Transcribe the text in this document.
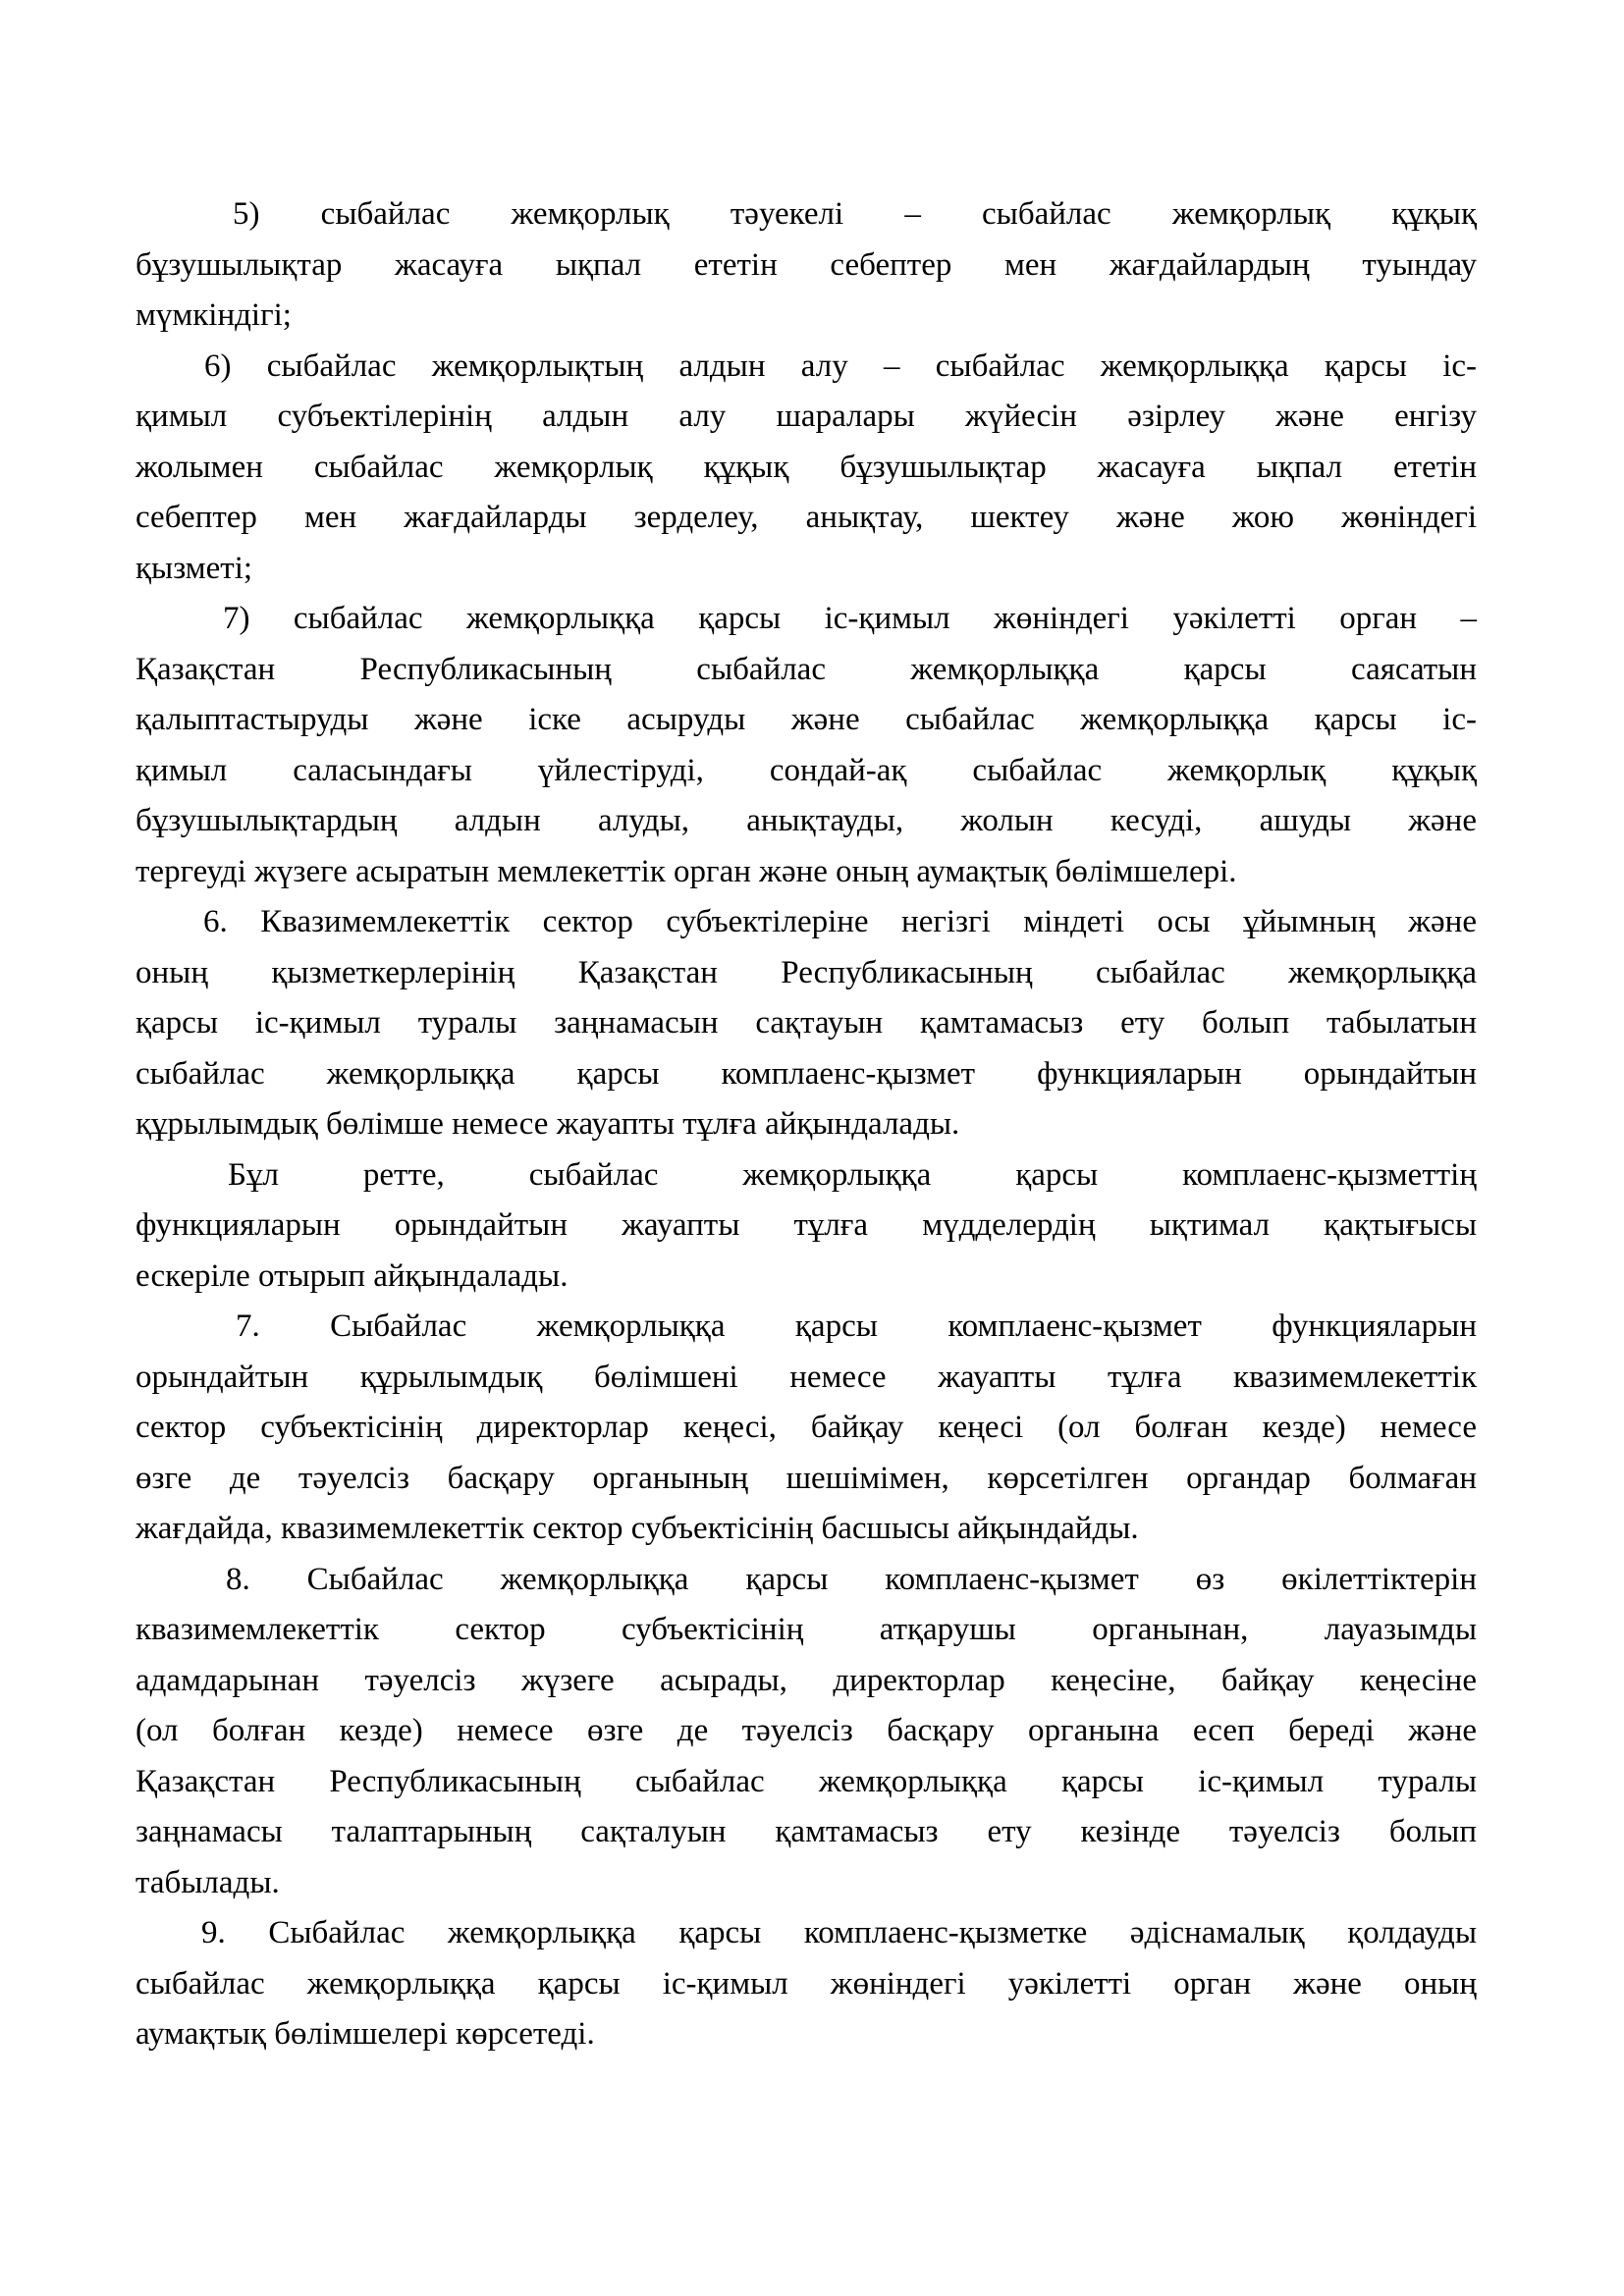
5) сыбайлас жемқорлық тәуекелі – сыбайлас жемқорлық құқық
бұзушылықтар жасауға ықпал ететін себептер мен жағдайлардың туындау
мүмкіндігі;
6) сыбайлас жемқорлықтың алдын алу – сыбайлас жемқорлыққа қарсы іс-
қимыл субъектілерінің алдын алу шаралары жүйесін әзірлеу және енгізу
жолымен сыбайлас жемқорлық құқық бұзушылықтар жасауға ықпал ететін
себептер мен жағдайларды зерделеу, анықтау, шектеу және жою жөніндегі
қызметі;
7) сыбайлас жемқорлыққа қарсы іс-қимыл жөніндегі уәкілетті орган –
Қазақстан Республикасының сыбайлас жемқорлыққа қарсы саясатын
қалыптастыруды және іске асыруды және сыбайлас жемқорлыққа қарсы іс-
қимыл саласындағы үйлестіруді, сондай-ақ сыбайлас жемқорлық құқық
бұзушылықтардың алдын алуды, анықтауды, жолын кесуді, ашуды және
тергеуді жүзеге асыратын мемлекеттік орган және оның аумақтық бөлімшелері.
6. Квазимемлекеттік сектор субъектілеріне негізгі міндеті осы ұйымның және
оның қызметкерлерінің Қазақстан Республикасының сыбайлас жемқорлыққа
қарсы іс-қимыл туралы заңнамасын сақтауын қамтамасыз ету болып табылатын
сыбайлас жемқорлыққа қарсы комплаенс-қызмет функцияларын орындайтын
құрылымдық бөлімше немесе жауапты тұлға айқындалады.
Бұл ретте, сыбайлас жемқорлыққа қарсы комплаенс-қызметтің
функцияларын орындайтын жауапты тұлға мүдделердің ықтимал қақтығысы
ескеріле отырып айқындалады.
7. Сыбайлас жемқорлыққа қарсы комплаенс-қызмет функцияларын
орындайтын құрылымдық бөлімшені немесе жауапты тұлға квазимемлекеттік
сектор субъектісінің директорлар кеңесі, байқау кеңесі (ол болған кезде) немесе
өзге де тәуелсіз басқару органының шешімімен, көрсетілген органдар болмаған
жағдайда, квазимемлекеттік сектор субъектісінің басшысы айқындайды.
8. Сыбайлас жемқорлыққа қарсы комплаенс-қызмет өз өкілеттіктерін
квазимемлекеттік сектор субъектісінің атқарушы органынан, лауазымды
адамдарынан тәуелсіз жүзеге асырады, директорлар кеңесіне, байқау кеңесіне
(ол болған кезде) немесе өзге де тәуелсіз басқару органына есеп береді және
Қазақстан Республикасының сыбайлас жемқорлыққа қарсы іс-қимыл туралы
заңнамасы талаптарының сақталуын қамтамасыз ету кезінде тәуелсіз болып
табылады.
9. Сыбайлас жемқорлыққа қарсы комплаенс-қызметке әдіснамалық қолдауды
сыбайлас жемқорлыққа қарсы іс-қимыл жөніндегі уәкілетті орган және оның
аумақтық бөлімшелері көрсетеді.
